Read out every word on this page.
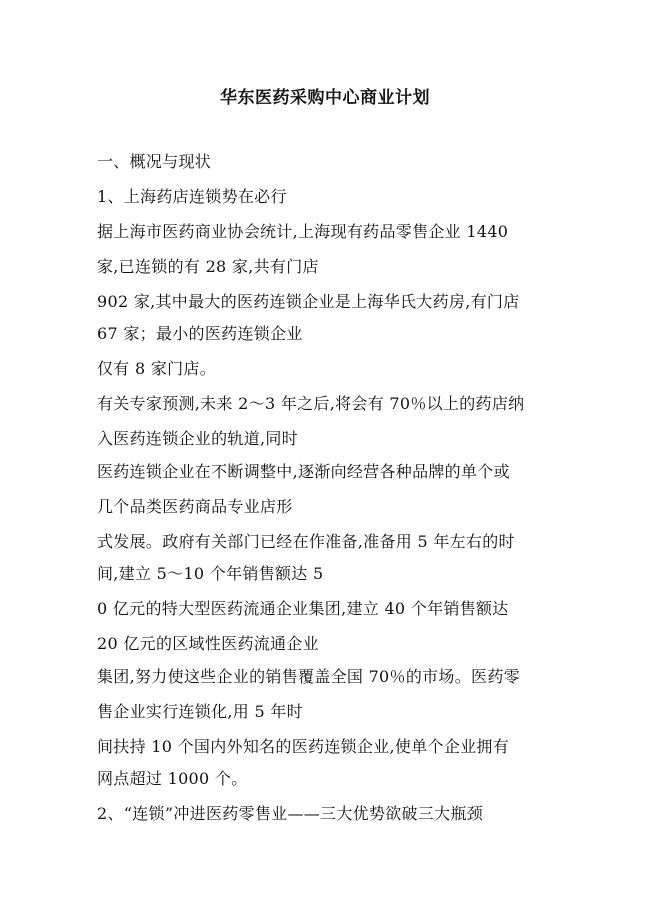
华东医药采购中心商业计划
一、概况与现状
1、上海药店连锁势在必行
据上海市医药商业协会统计,上海现有药品零售企业 1440
家,已连锁的有 28 家,共有门店
902 家,其中最大的医药连锁企业是上海华氏大药房,有门店
67 家；最小的医药连锁企业
仅有 8 家门店。
有关专家预测,未来 2～3 年之后,将会有 70％以上的药店纳
入医药连锁企业的轨道,同时
医药连锁企业在不断调整中,逐渐向经营各种品牌的单个或
几个品类医药商品专业店形
式发展。政府有关部门已经在作准备,准备用 5 年左右的时
间,建立 5～10 个年销售额达 5
0 亿元的特大型医药流通企业集团,建立 40 个年销售额达
20 亿元的区域性医药流通企业
集团,努力使这些企业的销售覆盖全国 70％的市场。医药零
售企业实行连锁化,用 5 年时
间扶持 10 个国内外知名的医药连锁企业,使单个企业拥有
网点超过 1000 个。
2、“连锁”冲进医药零售业——三大优势欲破三大瓶颈
